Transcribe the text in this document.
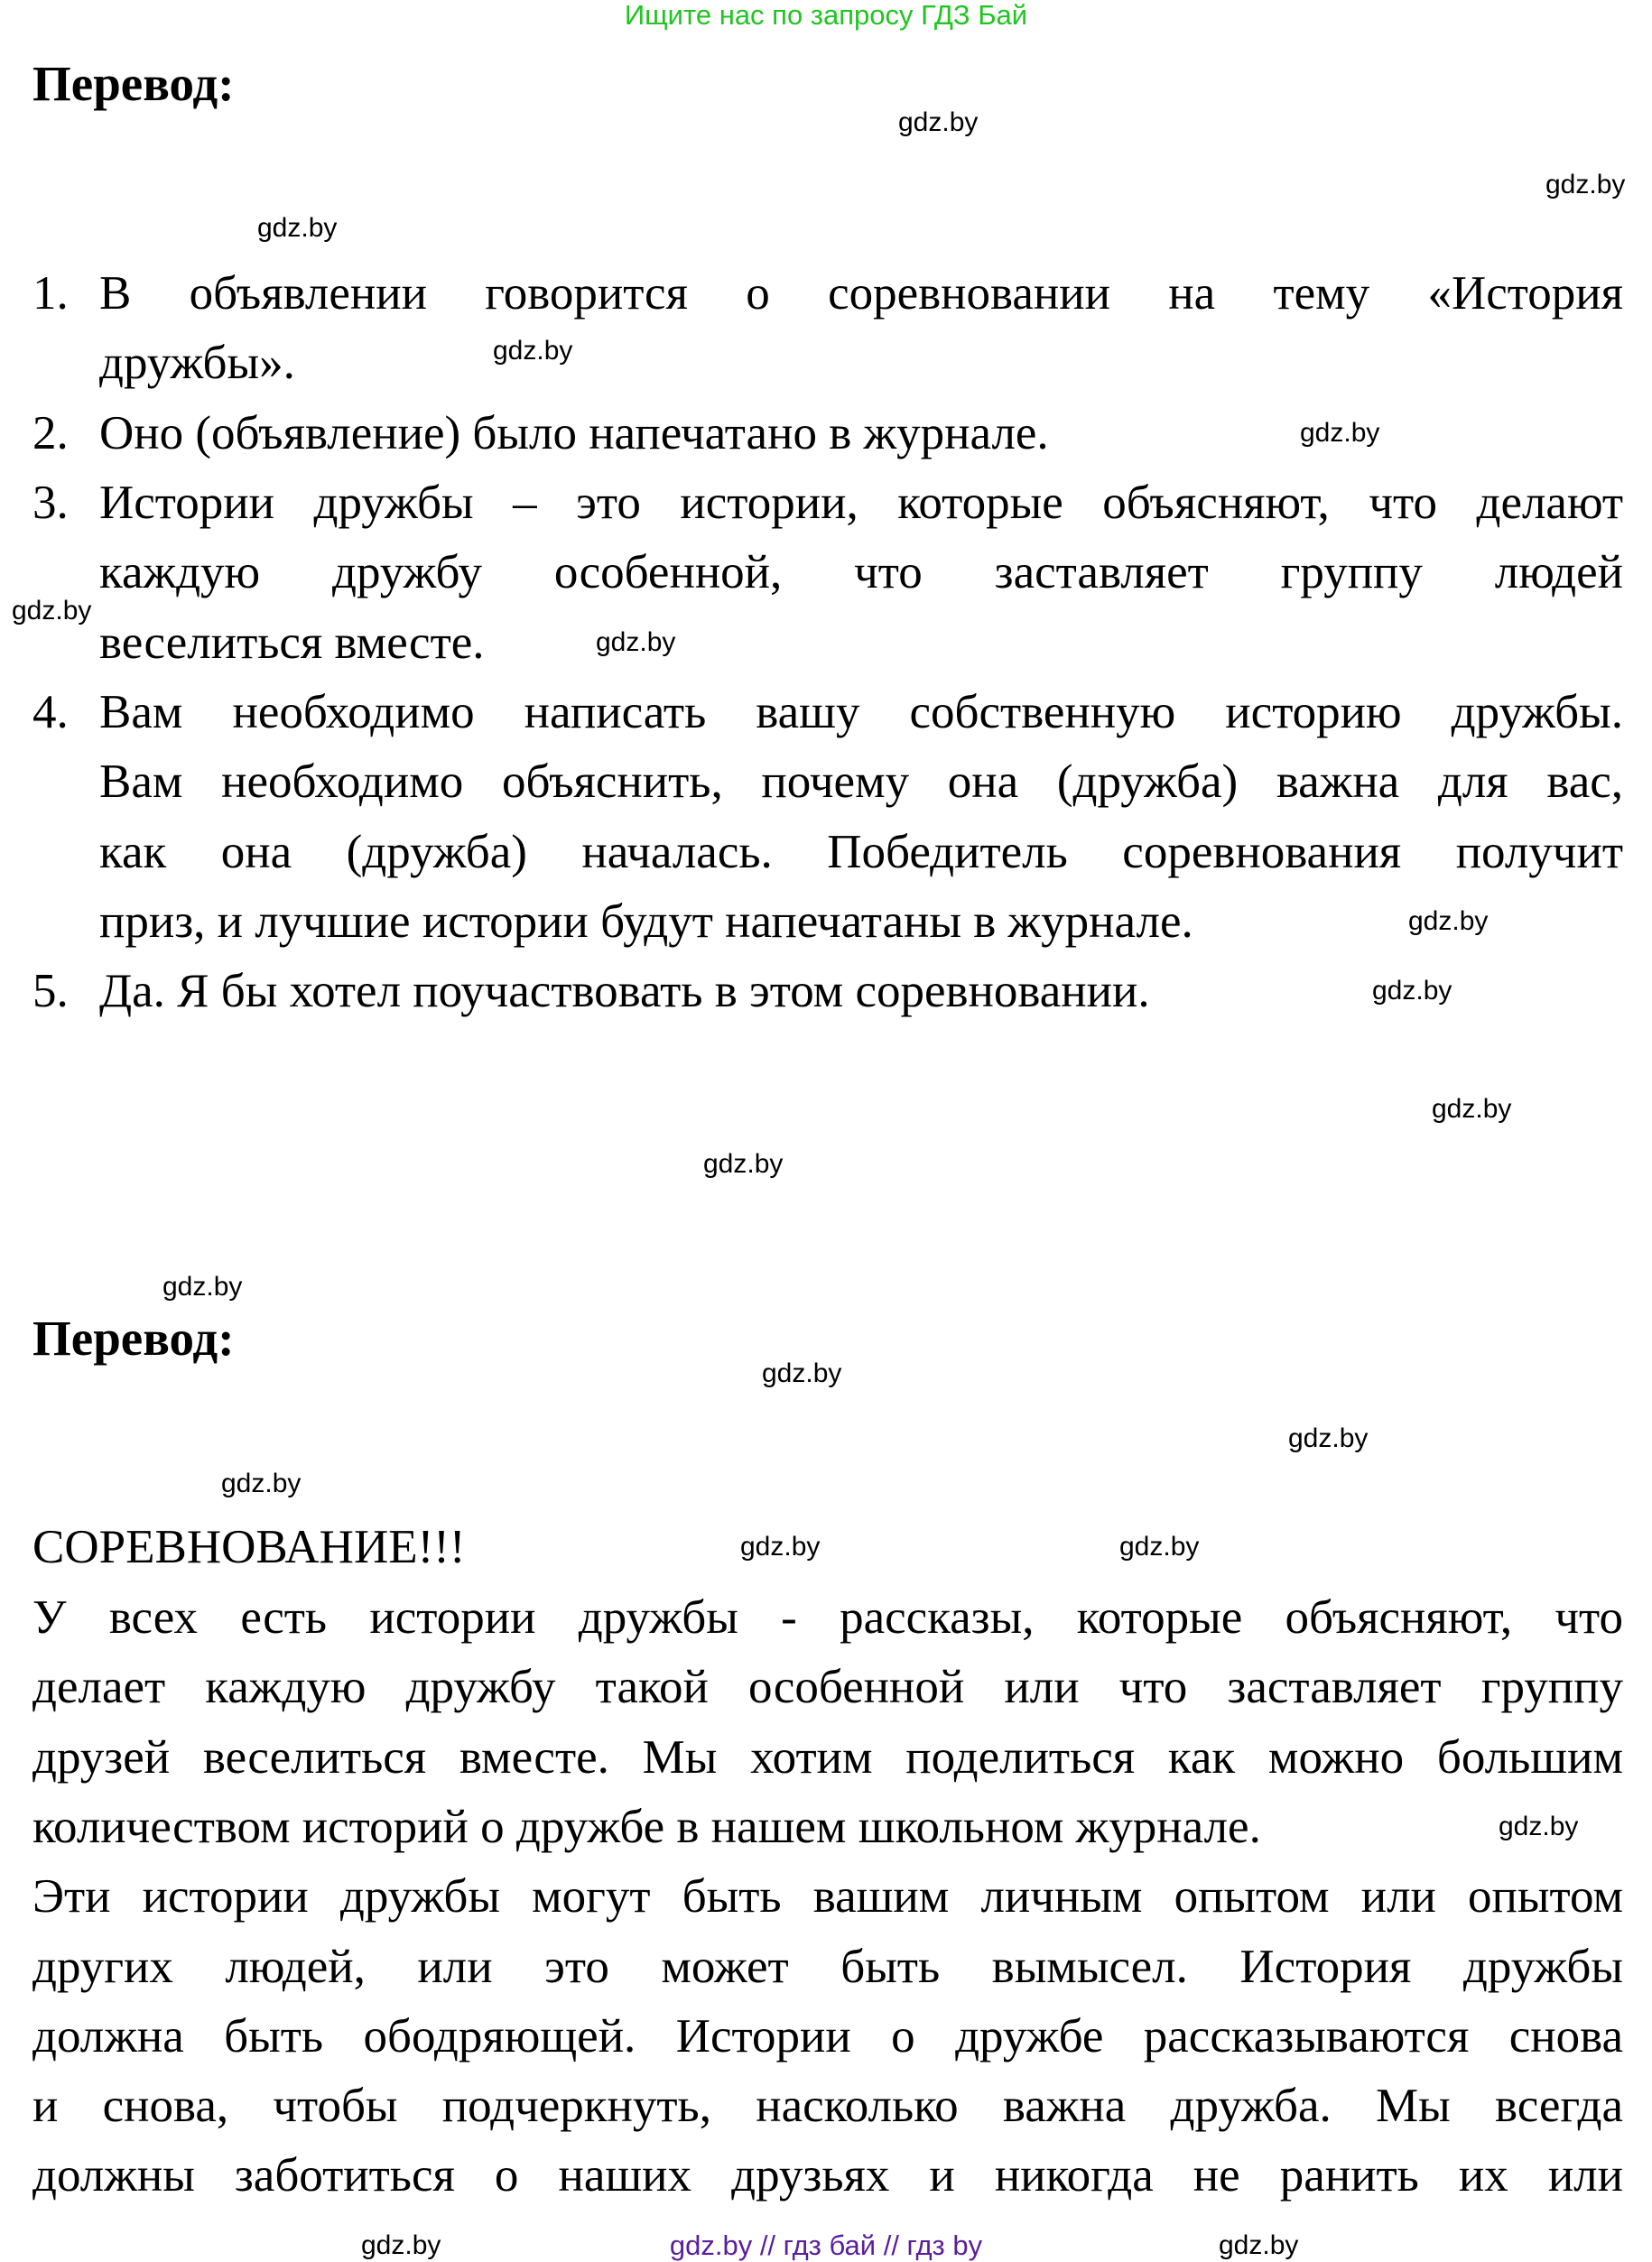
Ищите нас по запросу ГДЗ Бай
Перевод:
1. В объявлении говорится о соревновании на тему «История
дружбы».
2. Оно (объявление) было напечатано в журнале.
3. Истории дружбы – это истории, которые объясняют, что делают
каждую дружбу особенной, что заставляет группу людей
веселиться вместе.
4. Вам необходимо написать вашу собственную историю дружбы.
Вам необходимо объяснить, почему она (дружба) важна для вас,
как она (дружба) началась. Победитель соревнования получит
приз, и лучшие истории будут напечатаны в журнале.
5. Да. Я бы хотел поучаствовать в этом соревновании.
Перевод:
СОРЕВНОВАНИЕ!!!
У всех есть истории дружбы - рассказы, которые объясняют, что
делает каждую дружбу такой особенной или что заставляет группу
друзей веселиться вместе. Мы хотим поделиться как можно большим
количеством историй о дружбе в нашем школьном журнале.
Эти истории дружбы могут быть вашим личным опытом или опытом
других людей, или это может быть вымысел. История дружбы
должна быть ободряющей. Истории о дружбе рассказываются снова
и снова, чтобы подчеркнуть, насколько важна дружба. Мы всегда
должны заботиться о наших друзьях и никогда не ранить их или
gdz.by
gdz.by
gdz.by
gdz.by
gdz.by
gdz.by
gdz.by
gdz.by
gdz.by
gdz.by
gdz.by
gdz.by
gdz.by
gdz.by
gdz.by
gdz.by
gdz.by	gdz.by
gdz.by
gdz.by	gdz.by // гдз бай // гдз by
